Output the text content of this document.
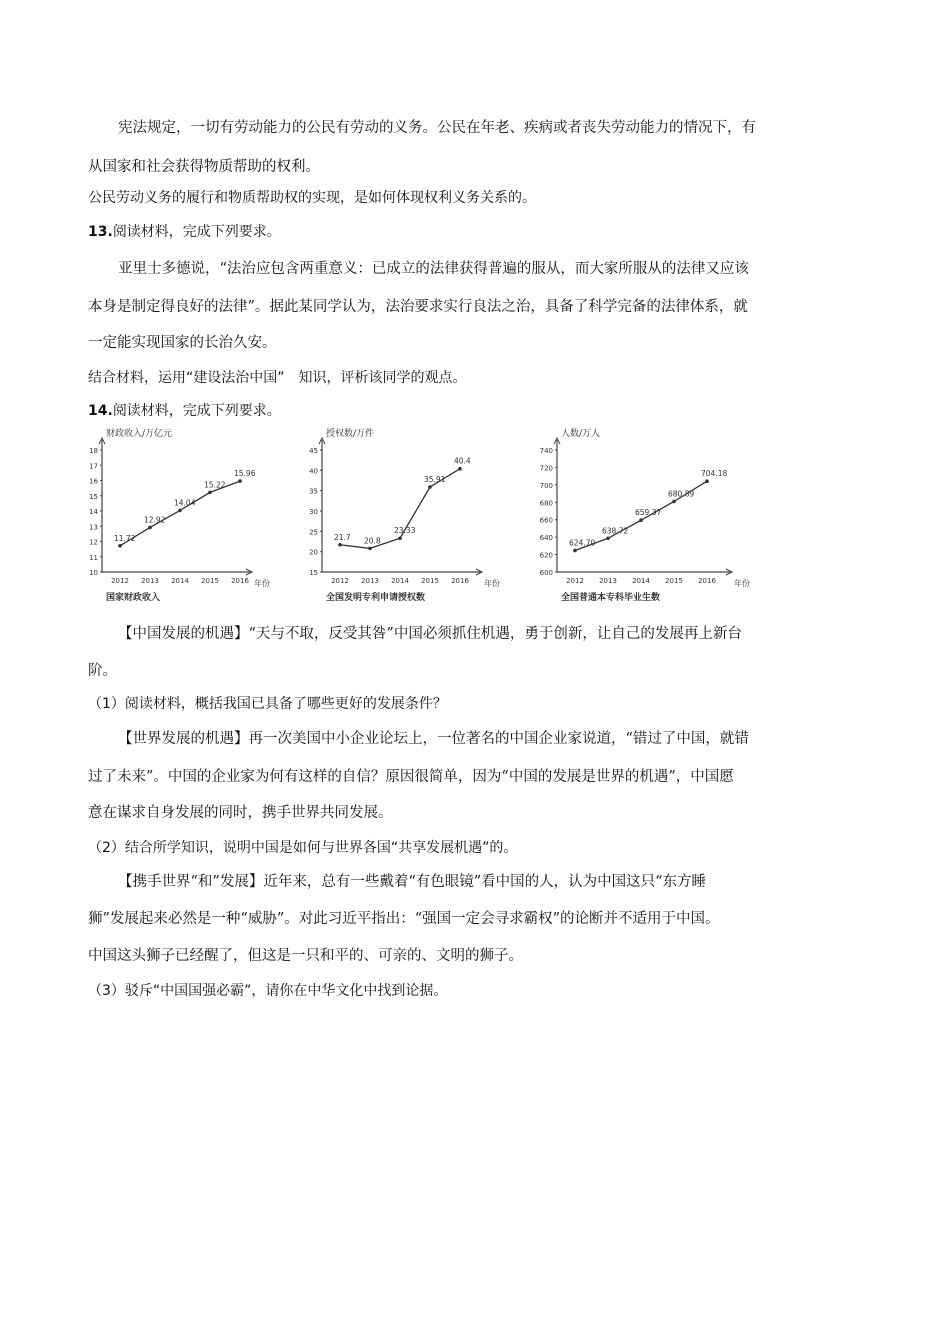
宪法规定，一切有劳动能力的公民有劳动的义务。公民在年老、疾病或者丧失劳动能力的情况下，有
从国家和社会获得物质帮助的权利。
公民劳动义务的履行和物质帮助权的实现，是如何体现权利义务关系的。
13.阅读材料，完成下列要求。
亚里士多德说，“法治应包含两重意义：已成立的法律获得普遍的服从，而大家所服从的法律又应该
本身是制定得良好的法律”。据此某同学认为，法治要求实行良法之治，具备了科学完备的法律体系，就
一定能实现国家的长治久安。
结合材料，运用“建设法治中国”　知识，评析该同学的观点。
14.阅读材料，完成下列要求。
10
11
12
13
14
15
16
17
18
财政收入/万亿元
年份
国家财政收入
11.72
2012
12.92
2013
14.04
2014
15.22
2015
15.96
2016
15
20
25
30
35
40
45
授权数/万件
年份
全国发明专利申请授权数
21.7
2012
20.8
2013
23.33
2014
35.91
2015
40.4
2016
600
620
640
660
680
700
720
740
人数/万人
年份
全国普通本专科毕业生数
624.70
2012
638.72
2013
659.37
2014
680.89
2015
704.18
2016
【中国发展的机遇】“天与不取，反受其咎”中国必须抓住机遇，勇于创新，让自己的发展再上新台
阶。
（1）阅读材料，概括我国已具备了哪些更好的发展条件？
【世界发展的机遇】再一次美国中小企业论坛上，一位著名的中国企业家说道，“错过了中国，就错
过了未来”。中国的企业家为何有这样的自信？原因很简单，因为“中国的发展是世界的机遇”，中国愿
意在谋求自身发展的同时，携手世界共同发展。
（2）结合所学知识，说明中国是如何与世界各国“共享发展机遇”的。
【携手世界“和”发展】近年来，总有一些戴着“有色眼镜”看中国的人，认为中国这只“东方睡
狮”发展起来必然是一种“威胁”。对此习近平指出：“强国一定会寻求霸权”的论断并不适用于中国。
中国这头狮子已经醒了，但这是一只和平的、可亲的、文明的狮子。
（3）驳斥“中国国强必霸”，请你在中华文化中找到论据。
